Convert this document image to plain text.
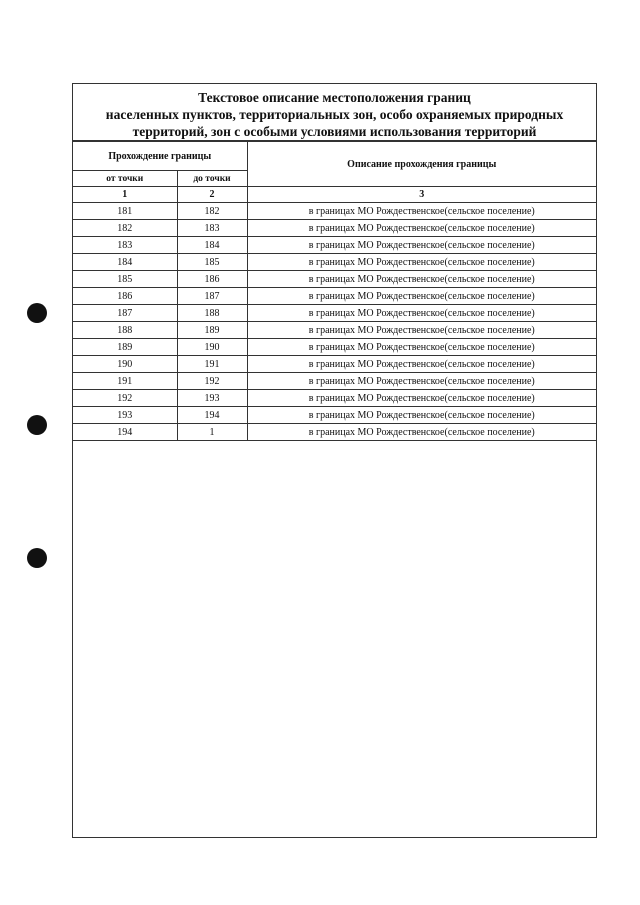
Текстовое описание местоположения границ
населенных пунктов, территориальных зон, особо охраняемых природных
территорий, зон с особыми условиями использования территорий
Прохождение границы		Описание прохождения границы
от точки	до точки	
1	2	3
181	182	в границах МО Рождественское(сельское поселение)
182	183	в границах МО Рождественское(сельское поселение)
183	184	в границах МО Рождественское(сельское поселение)
184	185	в границах МО Рождественское(сельское поселение)
185	186	в границах МО Рождественское(сельское поселение)
186	187	в границах МО Рождественское(сельское поселение)
187	188	в границах МО Рождественское(сельское поселение)
188	189	в границах МО Рождественское(сельское поселение)
189	190	в границах МО Рождественское(сельское поселение)
190	191	в границах МО Рождественское(сельское поселение)
191	192	в границах МО Рождественское(сельское поселение)
192	193	в границах МО Рождественское(сельское поселение)
193	194	в границах МО Рождественское(сельское поселение)
194	1	в границах МО Рождественское(сельское поселение)
